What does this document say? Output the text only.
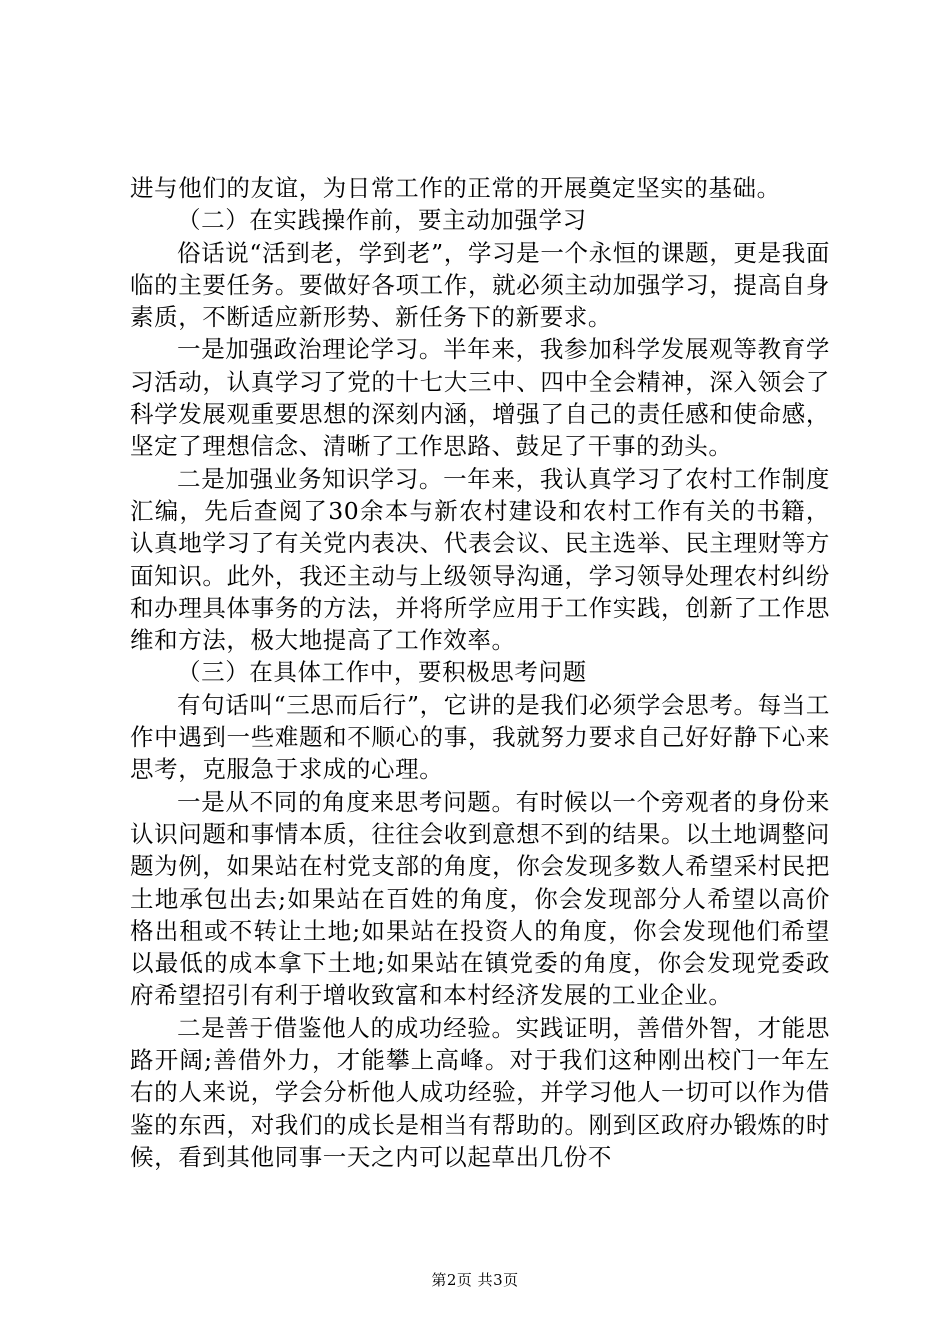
进与他们的友谊，为日常工作的正常的开展奠定坚实的基础。

（二）在实践操作前，要主动加强学习

俗话说“活到老，学到老”，学习是一个永恒的课题，更是我面临的主要任务。要做好各项工作，就必须主动加强学习，提高自身素质，不断适应新形势、新任务下的新要求。

一是加强政治理论学习。半年来，我参加科学发展观等教育学习活动，认真学习了党的十七大三中、四中全会精神，深入领会了科学发展观重要思想的深刻内涵，增强了自己的责任感和使命感，坚定了理想信念、清晰了工作思路、鼓足了干事的劲头。

二是加强业务知识学习。一年来，我认真学习了农村工作制度汇编，先后查阅了30余本与新农村建设和农村工作有关的书籍，认真地学习了有关党内表决、代表会议、民主选举、民主理财等方面知识。此外，我还主动与上级领导沟通，学习领导处理农村纠纷和办理具体事务的方法，并将所学应用于工作实践，创新了工作思维和方法，极大地提高了工作效率。

（三）在具体工作中，要积极思考问题

有句话叫“三思而后行”，它讲的是我们必须学会思考。每当工作中遇到一些难题和不顺心的事，我就努力要求自己好好静下心来思考，克服急于求成的心理。

一是从不同的角度来思考问题。有时候以一个旁观者的身份来认识问题和事情本质，往往会收到意想不到的结果。以土地调整问题为例，如果站在村党支部的角度，你会发现多数人希望采村民把土地承包出去;如果站在百姓的角度，你会发现部分人希望以高价格出租或不转让土地;如果站在投资人的角度，你会发现他们希望以最低的成本拿下土地;如果站在镇党委的角度，你会发现党委政府希望招引有利于增收致富和本村经济发展的工业企业。

二是善于借鉴他人的成功经验。实践证明，善借外智，才能思路开阔;善借外力，才能攀上高峰。对于我们这种刚出校门一年左右的人来说，学会分析他人成功经验，并学习他人一切可以作为借鉴的东西，对我们的成长是相当有帮助的。刚到区政府办锻炼的时候，看到其他同事一天之内可以起草出几份不

第2页 共3页
